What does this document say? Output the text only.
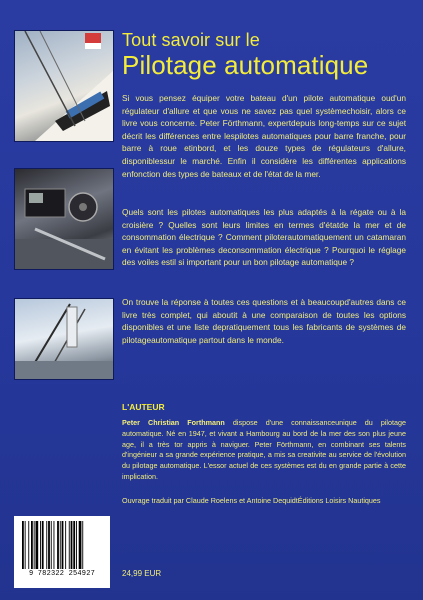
Tout savoir sur le
Pilotage automatique
Si vous pensez équiper votre bateau d'un pilote automatique oud'un régulateur d'allure et que vous ne savez pas quel systèmechoisir, alors ce livre vous concerne. Peter Förthmann, expertdepuis long-temps sur ce sujet décrit les différences entre lespilotes automatiques pour barre franche, pour barre à roue etinbord, et les douze types de régulateurs d'allure, disponiblessur le marché. Enfin il considère les différentes applications enfonction des types de bateaux et de l'état de la mer.
Quels sont les pilotes automatiques les plus adaptés à la régate ou à la croisière ? Quelles sont leurs limites en termes d'étatde la mer et de consommation électrique ? Comment piloterautomatiquement un catamaran en évitant les problèmes deconsommation électrique ? Pourquoi le réglage des voiles estil si important pour un bon pilotage automatique ?
On trouve la réponse à toutes ces questions et à beaucoupd'autres dans ce livre très complet, qui aboutit à une comparaison de toutes les options disponibles et une liste depratiquement tous les fabricants de systèmes de pilotageautomatique partout dans le monde.
L'AUTEUR
Peter Christian Forthmann dispose d'une connaissanceunique du pilotage automatique. Né en 1947, et vivant a Hambourg au bord de la mer des son plus jeune age, il a très tor appris à naviguer. Peter Förthmann, en combinant ses talents d'ingénieur a sa grande expérience pratique, a mis sa creativite au service de l'évolution du pilotage automatique. L'essor actuel de ces systèmes est du en grande partie à cette implication.
Ouvrage traduit par Claude Roelens et Antoine DequidtÉditions Loisirs Nautiques
9 782322 254927	24,99 EUR
